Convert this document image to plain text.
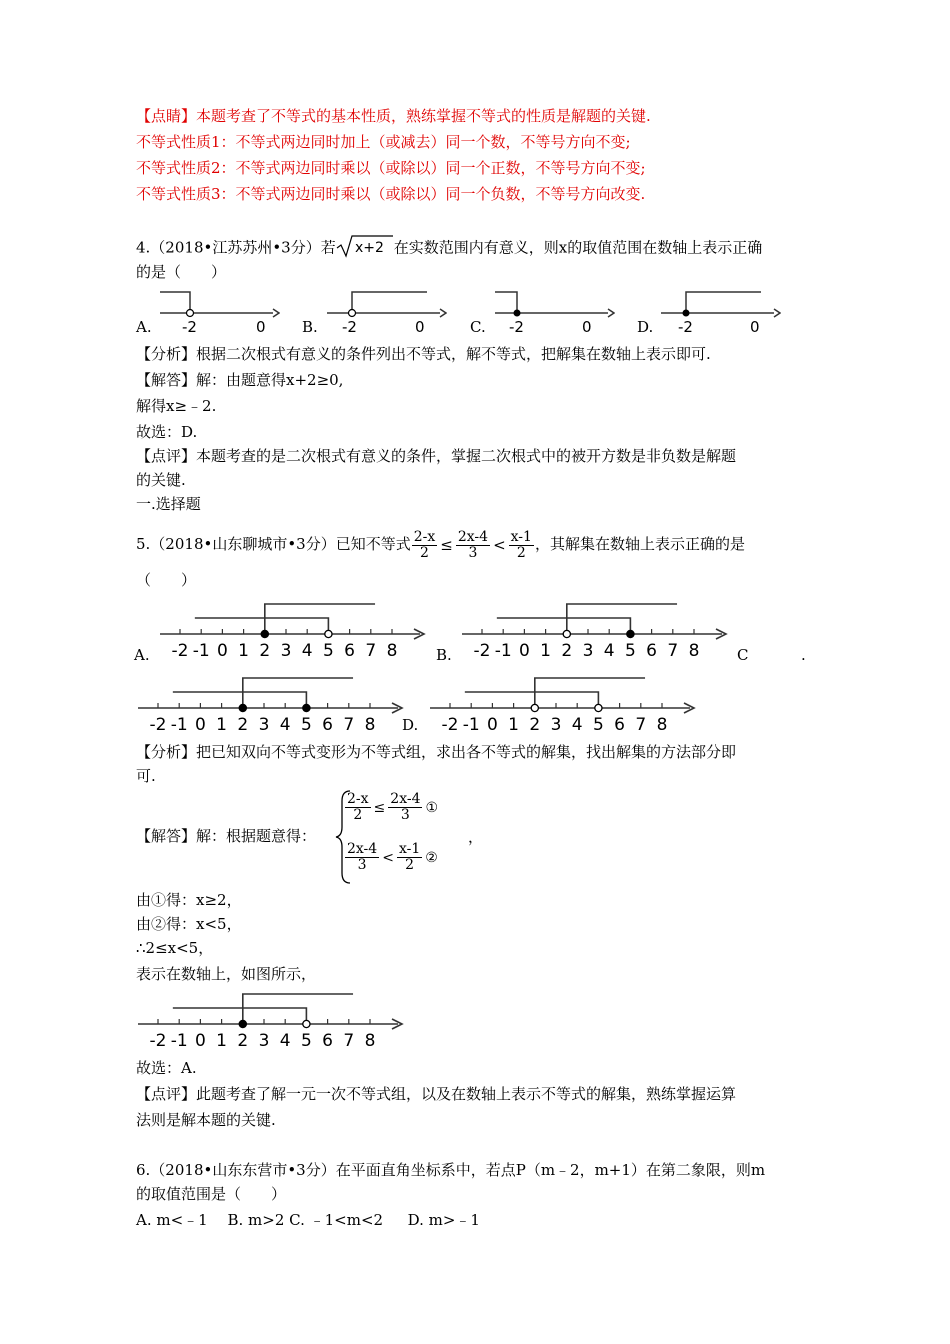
【点睛】本题考查了不等式的基本性质，熟练掌握不等式的性质是解题的关键.
不等式性质1：不等式两边同时加上（或减去）同一个数，不等号方向不变;
不等式性质2：不等式两边同时乘以（或除以）同一个正数，不等号方向不变;
不等式性质3：不等式两边同时乘以（或除以）同一个负数，不等号方向改变.
4.（2018•江苏苏州•3分）若 x+2 在实数范围内有意义，则x的取值范围在数轴上表示正确
的是（　　）
A. -2	0 B. -2	0	C. -2	0	D. -2	0
【分析】根据二次根式有意义的条件列出不等式，解不等式，把解集在数轴上表示即可.
【解答】解：由题意得x+2≥0,
解得x≥﹣2.
故选：D.
【点评】本题考查的是二次根式有意义的条件，掌握二次根式中的被开方数是非负数是解题
的关键.
一.选择题
5.（2018•山东聊城市•3分）已知不等式 $\frac{2-x}{2} \le \frac{2x-4}{3} < \frac{x-1}{2}$ ，其解集在数轴上表示正确的是
（　　）
A. -2 -1 0 1 2 3 4 5 6 7 8	B. -2 -1 0 1 2 3 4 5 6 7 8	C	.
-2 -1 0 1 2 3 4 5 6 7 8 D. -2 -1 0 1 2 3 4 5 6 7 8
【分析】把已知双向不等式变形为不等式组，求出各不等式的解集，找出解集的方法部分即
可.
【解答】解：根据题意得：
$\frac{2-x}{2} \le \frac{2x-4}{3}$ ①
，
$\frac{2x-4}{3} < \frac{x-1}{2}$ ②
由①得：x≥2，
由②得：x<5，
∴2≤x<5，
表示在数轴上，如图所示，
-2 -1 0 1 2 3 4 5 6 7 8
故选：A.
【点评】此题考查了解一元一次不等式组，以及在数轴上表示不等式的解集，熟练掌握运算
法则是解本题的关键.
6.（2018•山东东营市•3分）在平面直角坐标系中，若点P（m﹣2，m+1）在第二象限，则m
的取值范围是（　　）
A. m<﹣1　 B. m>2 C. ﹣1<m<2 　 D. m>﹣1
